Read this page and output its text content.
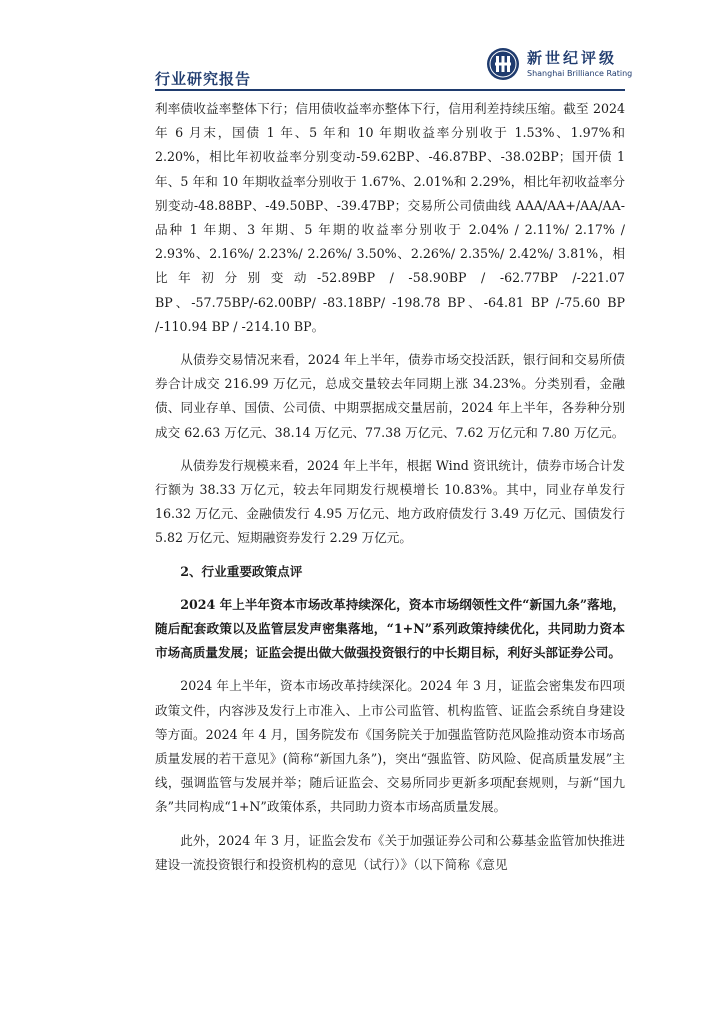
行业研究报告
新世纪评级
Shanghai Brilliance Rating

利率债收益率整体下行；信用债收益率亦整体下行，信用利差持续压缩。截至 2024 年 6 月末，国债 1 年、5 年和 10 年期收益率分别收于 1.53%、1.97%和 2.20%，相比年初收益率分别变动-59.62BP、-46.87BP、-38.02BP；国开债 1 年、5 年和 10 年期收益率分别收于 1.67%、2.01%和 2.29%，相比年初收益率分别变动-48.88BP、-49.50BP、-39.47BP；交易所公司债曲线 AAA/AA+/AA/AA-品种 1 年期、3 年期、5 年期的收益率分别收于 2.04% / 2.11%/ 2.17% / 2.93%、2.16%/ 2.23%/ 2.26%/ 3.50%、2.26%/ 2.35%/ 2.42%/ 3.81%，相比年初分别变动-52.89BP / -58.90BP / -62.77BP /-221.07 BP、-57.75BP/-62.00BP/ -83.18BP/ -198.78 BP、-64.81 BP /-75.60 BP /-110.94 BP / -214.10 BP。

从债券交易情况来看，2024 年上半年，债券市场交投活跃，银行间和交易所债券合计成交 216.99 万亿元，总成交量较去年同期上涨 34.23%。分类别看，金融债、同业存单、国债、公司债、中期票据成交量居前，2024 年上半年，各券种分别成交 62.63 万亿元、38.14 万亿元、77.38 万亿元、7.62 万亿元和 7.80 万亿元。

从债券发行规模来看，2024 年上半年，根据 Wind 资讯统计，债券市场合计发行额为 38.33 万亿元，较去年同期发行规模增长 10.83%。其中，同业存单发行 16.32 万亿元、金融债发行 4.95 万亿元、地方政府债发行 3.49 万亿元、国债发行 5.82 万亿元、短期融资券发行 2.29 万亿元。

2、行业重要政策点评

2024 年上半年资本市场改革持续深化，资本市场纲领性文件“新国九条”落地，随后配套政策以及监管层发声密集落地，“1+N”系列政策持续优化，共同助力资本市场高质量发展；证监会提出做大做强投资银行的中长期目标，利好头部证券公司。

2024 年上半年，资本市场改革持续深化。2024 年 3 月，证监会密集发布四项政策文件，内容涉及发行上市准入、上市公司监管、机构监管、证监会系统自身建设等方面。2024 年 4 月，国务院发布《国务院关于加强监管防范风险推动资本市场高质量发展的若干意见》(简称“新国九条”)，突出“强监管、防风险、促高质量发展”主线，强调监管与发展并举；随后证监会、交易所同步更新多项配套规则，与新“国九条”共同构成“1+N”政策体系，共同助力资本市场高质量发展。

此外，2024 年 3 月，证监会发布《关于加强证券公司和公募基金监管加快推进建设一流投资银行和投资机构的意见（试行）》（以下简称《意见
